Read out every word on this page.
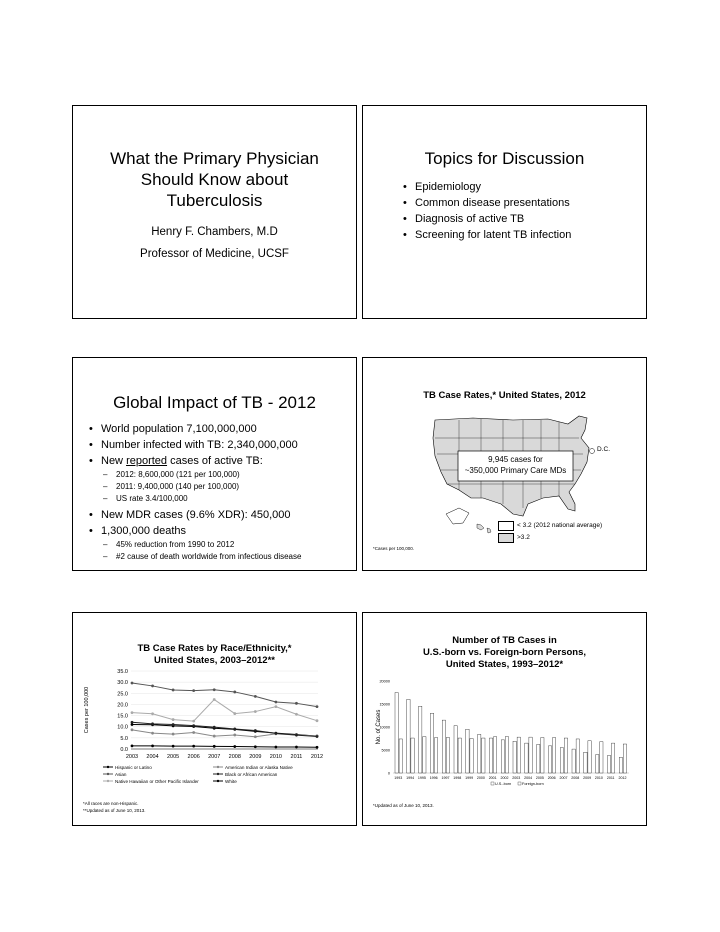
What the Primary Physician
Should Know about
Tuberculosis
Henry F. Chambers, M.D
Professor of Medicine, UCSF
Topics for Discussion
• Epidemiology
• Common disease presentations
• Diagnosis of active TB
• Screening for latent TB infection
Global Impact of TB - 2012
• World population 7,100,000,000
• Number infected with TB: 2,340,000,000
• New reported cases of active TB:
– 2012: 8,600,000 (121 per 100,000)
– 2011: 9,400,000 (140 per 100,000)
– US rate 3.4/100,000
• New MDR cases (9.6% XDR): 450,000
• 1,300,000 deaths
– 45% reduction from 1990 to 2012
– #2 cause of death worldwide from infectious disease
TB Case Rates,* United States, 2012
D.C.
9,945 cases for
~350,000 Primary Care MDs
< 3.2 (2012 national average)
>3.2
*Cases per 100,000.
TB Case Rates by Race/Ethnicity,*
United States, 2003–2012**
0.0
5.0
10.0
15.0
20.0
25.0
30.0
35.0
2003 2004 2005 2006 2007 2008 2009 2010 2011 2012
Cases per 100,000
Hispanic or Latino	American Indian or Alaska Native
Asian	Black or African American
Native Hawaiian or Other Pacific Islander	White
*All races are non-Hispanic.
**Updated as of June 10, 2013.
Number of TB Cases in
U.S.-born vs. Foreign-born Persons,
United States, 1993–2012*
0
5000
10000
15000
20000
No. of Cases
1993 1994 1995 1996 1997 1998 1999 2000 2001 2002 2003 2004 2005 2006 2007 2008 2009 2010 2011 2012
U.S.-born	Foreign-born
*Updated as of June 10, 2013.
